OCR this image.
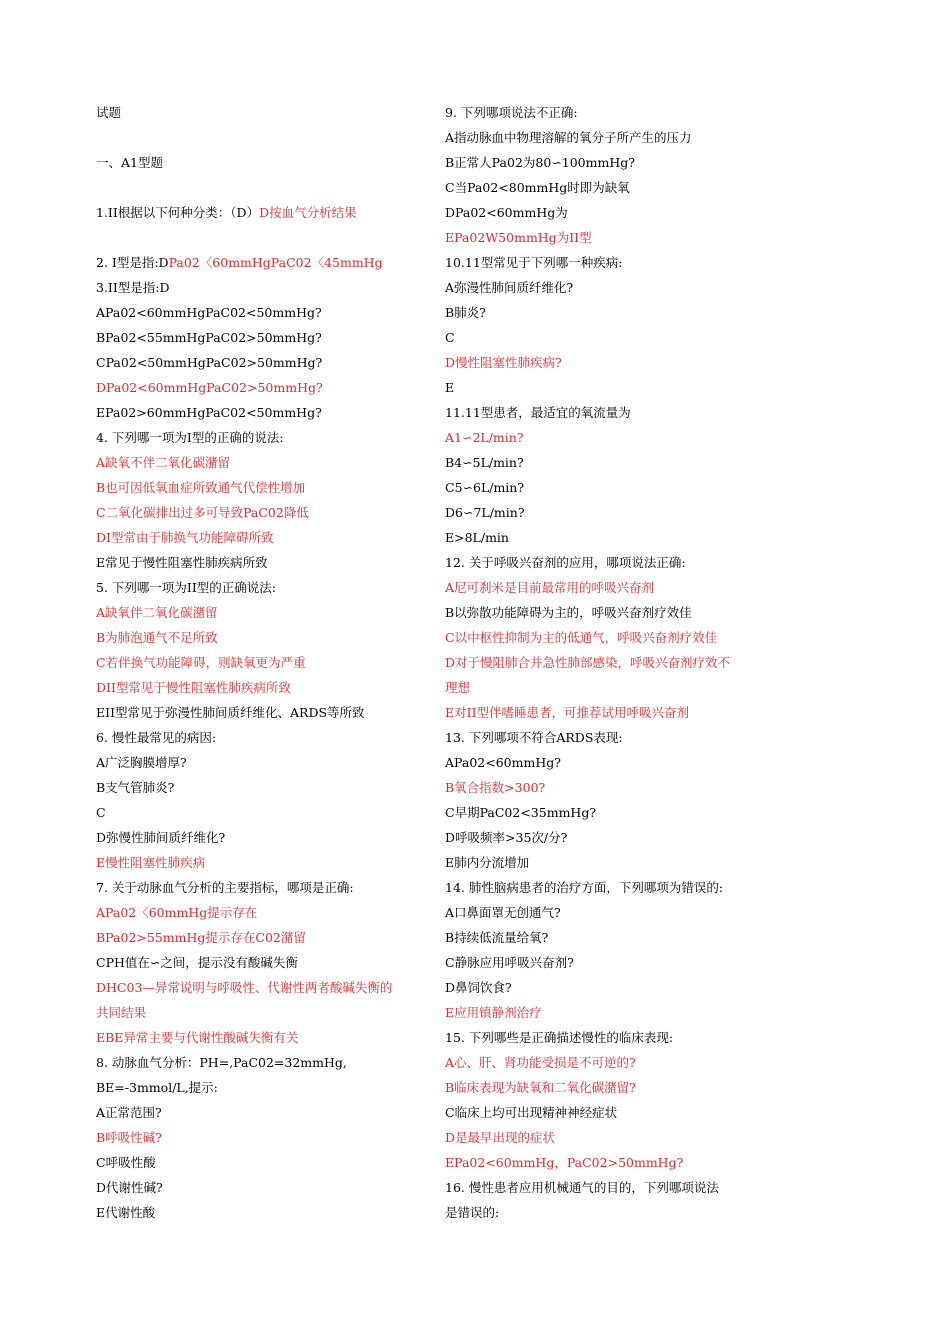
试题
一、A1型题
1.II根据以下何种分类：（D）D按血气分析结果
2. I型是指:DPa02〈60mmHgPaC02〈45mmHg
3.II型是指:D
APa02<60mmHgPaC02<50mmHg?
BPa02<55mmHgPaC02>50mmHg?
CPa02<50mmHgPaC02>50mmHg?
DPa02<60mmHgPaC02>50mmHg?
EPa02>60mmHgPaC02<50mmHg?
4. 下列哪一项为I型的正确的说法:
A缺氧不伴二氧化碳潴留
B也可因低氧血症所致通气代偿性增加
C二氧化碳排出过多可导致PaC02降低
DI型常由于肺换气功能障碍所致
E常见于慢性阻塞性肺疾病所致
5. 下列哪一项为II型的正确说法:
A缺氧伴二氧化碳潴留
B为肺泡通气不足所致
C若伴换气功能障碍，则缺氧更为严重
DII型常见于慢性阻塞性肺疾病所致
EII型常见于弥漫性肺间质纤维化、ARDS等所致
6. 慢性最常见的病因:
A广泛胸膜增厚?
B支气管肺炎?
C
D弥慢性肺间质纤维化?
E慢性阻塞性肺疾病
7. 关于动脉血气分析的主要指标，哪项是正确:
APa02〈60mmHg提示存在
BPa02>55mmHg提示存在C02潴留
CPH值在∽之间，提示没有酸碱失衡
DHC03—异常说明与呼吸性、代谢性两者酸碱失衡的
共同结果
EBE异常主要与代谢性酸碱失衡有关
8. 动脉血气分析：PH=,PaC02=32mmHg,
BE=-3mmol/L,提示:
A正常范围?
B呼吸性碱?
C呼吸性酸
D代谢性碱?
E代谢性酸
9. 下列哪项说法不正确:
A指动脉血中物理溶解的氧分子所产生的压力
B正常人Pa02为80∽100mmHg?
C当Pa02<80mmHg时即为缺氧
DPa02<60mmHg为
EPa02W50mmHg为II型
10.11型常见于下列哪一种疾病:
A弥漫性肺间质纤维化?
B肺炎?
C
D慢性阻塞性肺疾病?
E
11.11型患者，最适宜的氧流量为
A1∽2L/min?
B4∽5L/min?
C5∽6L/min?
D6∽7L/min?
E>8L/min
12. 关于呼吸兴奋剂的应用，哪项说法正确:
A尼可刹米是目前最常用的呼吸兴奋剂
B以弥散功能障碍为主的，呼吸兴奋剂疗效佳
C以中枢性抑制为主的低通气，呼吸兴奋剂疗效佳
D对于慢阻肺合并急性肺部感染，呼吸兴奋剂疗效不
理想
E对II型伴嗜睡患者，可推荐试用呼吸兴奋剂
13. 下列哪项不符合ARDS表现:
APa02<60mmHg?
B氧合指数>300?
C早期PaC02<35mmHg?
D呼吸频率>35次/分?
E肺内分流增加
14. 肺性脑病患者的治疗方面，下列哪项为错误的:
A口鼻面罩无创通气?
B持续低流量给氧?
C静脉应用呼吸兴奋剂?
D鼻饲饮食?
E应用镇静剂治疗
15. 下列哪些是正确描述慢性的临床表现:
A心、肝、肾功能受损是不可逆的?
B临床表现为缺氧和二氧化碳潴留?
C临床上均可出现精神神经症状
D是最早出现的症状
EPa02<60mmHg，PaC02>50mmHg?
16. 慢性患者应用机械通气的目的，下列哪项说法
是错误的:
